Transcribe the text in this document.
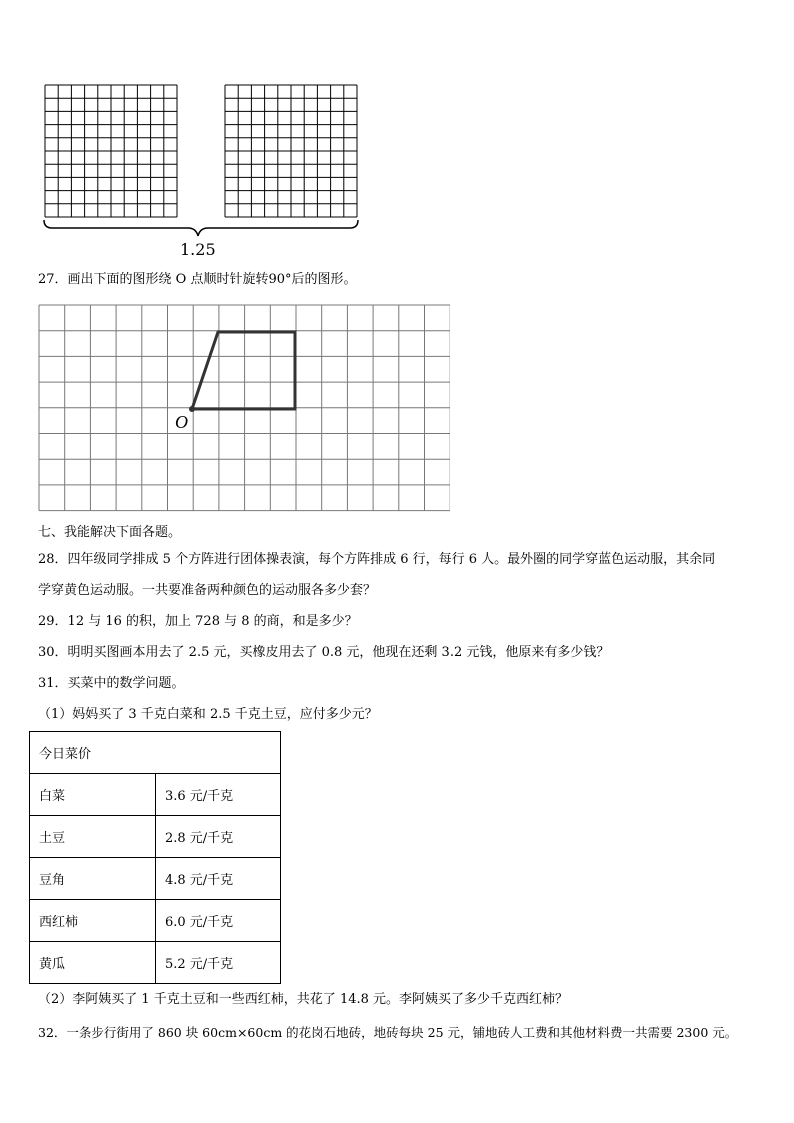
1.25
27．画出下面的图形绕 O 点顺时针旋转90°后的图形。
O
七、我能解决下面各题。
28．四年级同学排成 5 个方阵进行团体操表演，每个方阵排成 6 行，每行 6 人。最外圈的同学穿蓝色运动服，其余同
学穿黄色运动服。一共要准备两种颜色的运动服各多少套？
29．12 与 16 的积，加上 728 与 8 的商，和是多少？
30．明明买图画本用去了 2.5 元，买橡皮用去了 0.8 元，他现在还剩 3.2 元钱，他原来有多少钱？
31．买菜中的数学问题。
（1）妈妈买了 3 千克白菜和 2.5 千克土豆，应付多少元？
今日菜价	
白菜	3.6 元/千克
土豆	2.8 元/千克
豆角	4.8 元/千克
西红柿	6.0 元/千克
黄瓜	5.2 元/千克
（2）李阿姨买了 1 千克土豆和一些西红柿，共花了 14.8 元。李阿姨买了多少千克西红柿？
32．一条步行街用了 860 块 60cm×60cm 的花岗石地砖，地砖每块 25 元，铺地砖人工费和其他材料费一共需要 2300 元。
